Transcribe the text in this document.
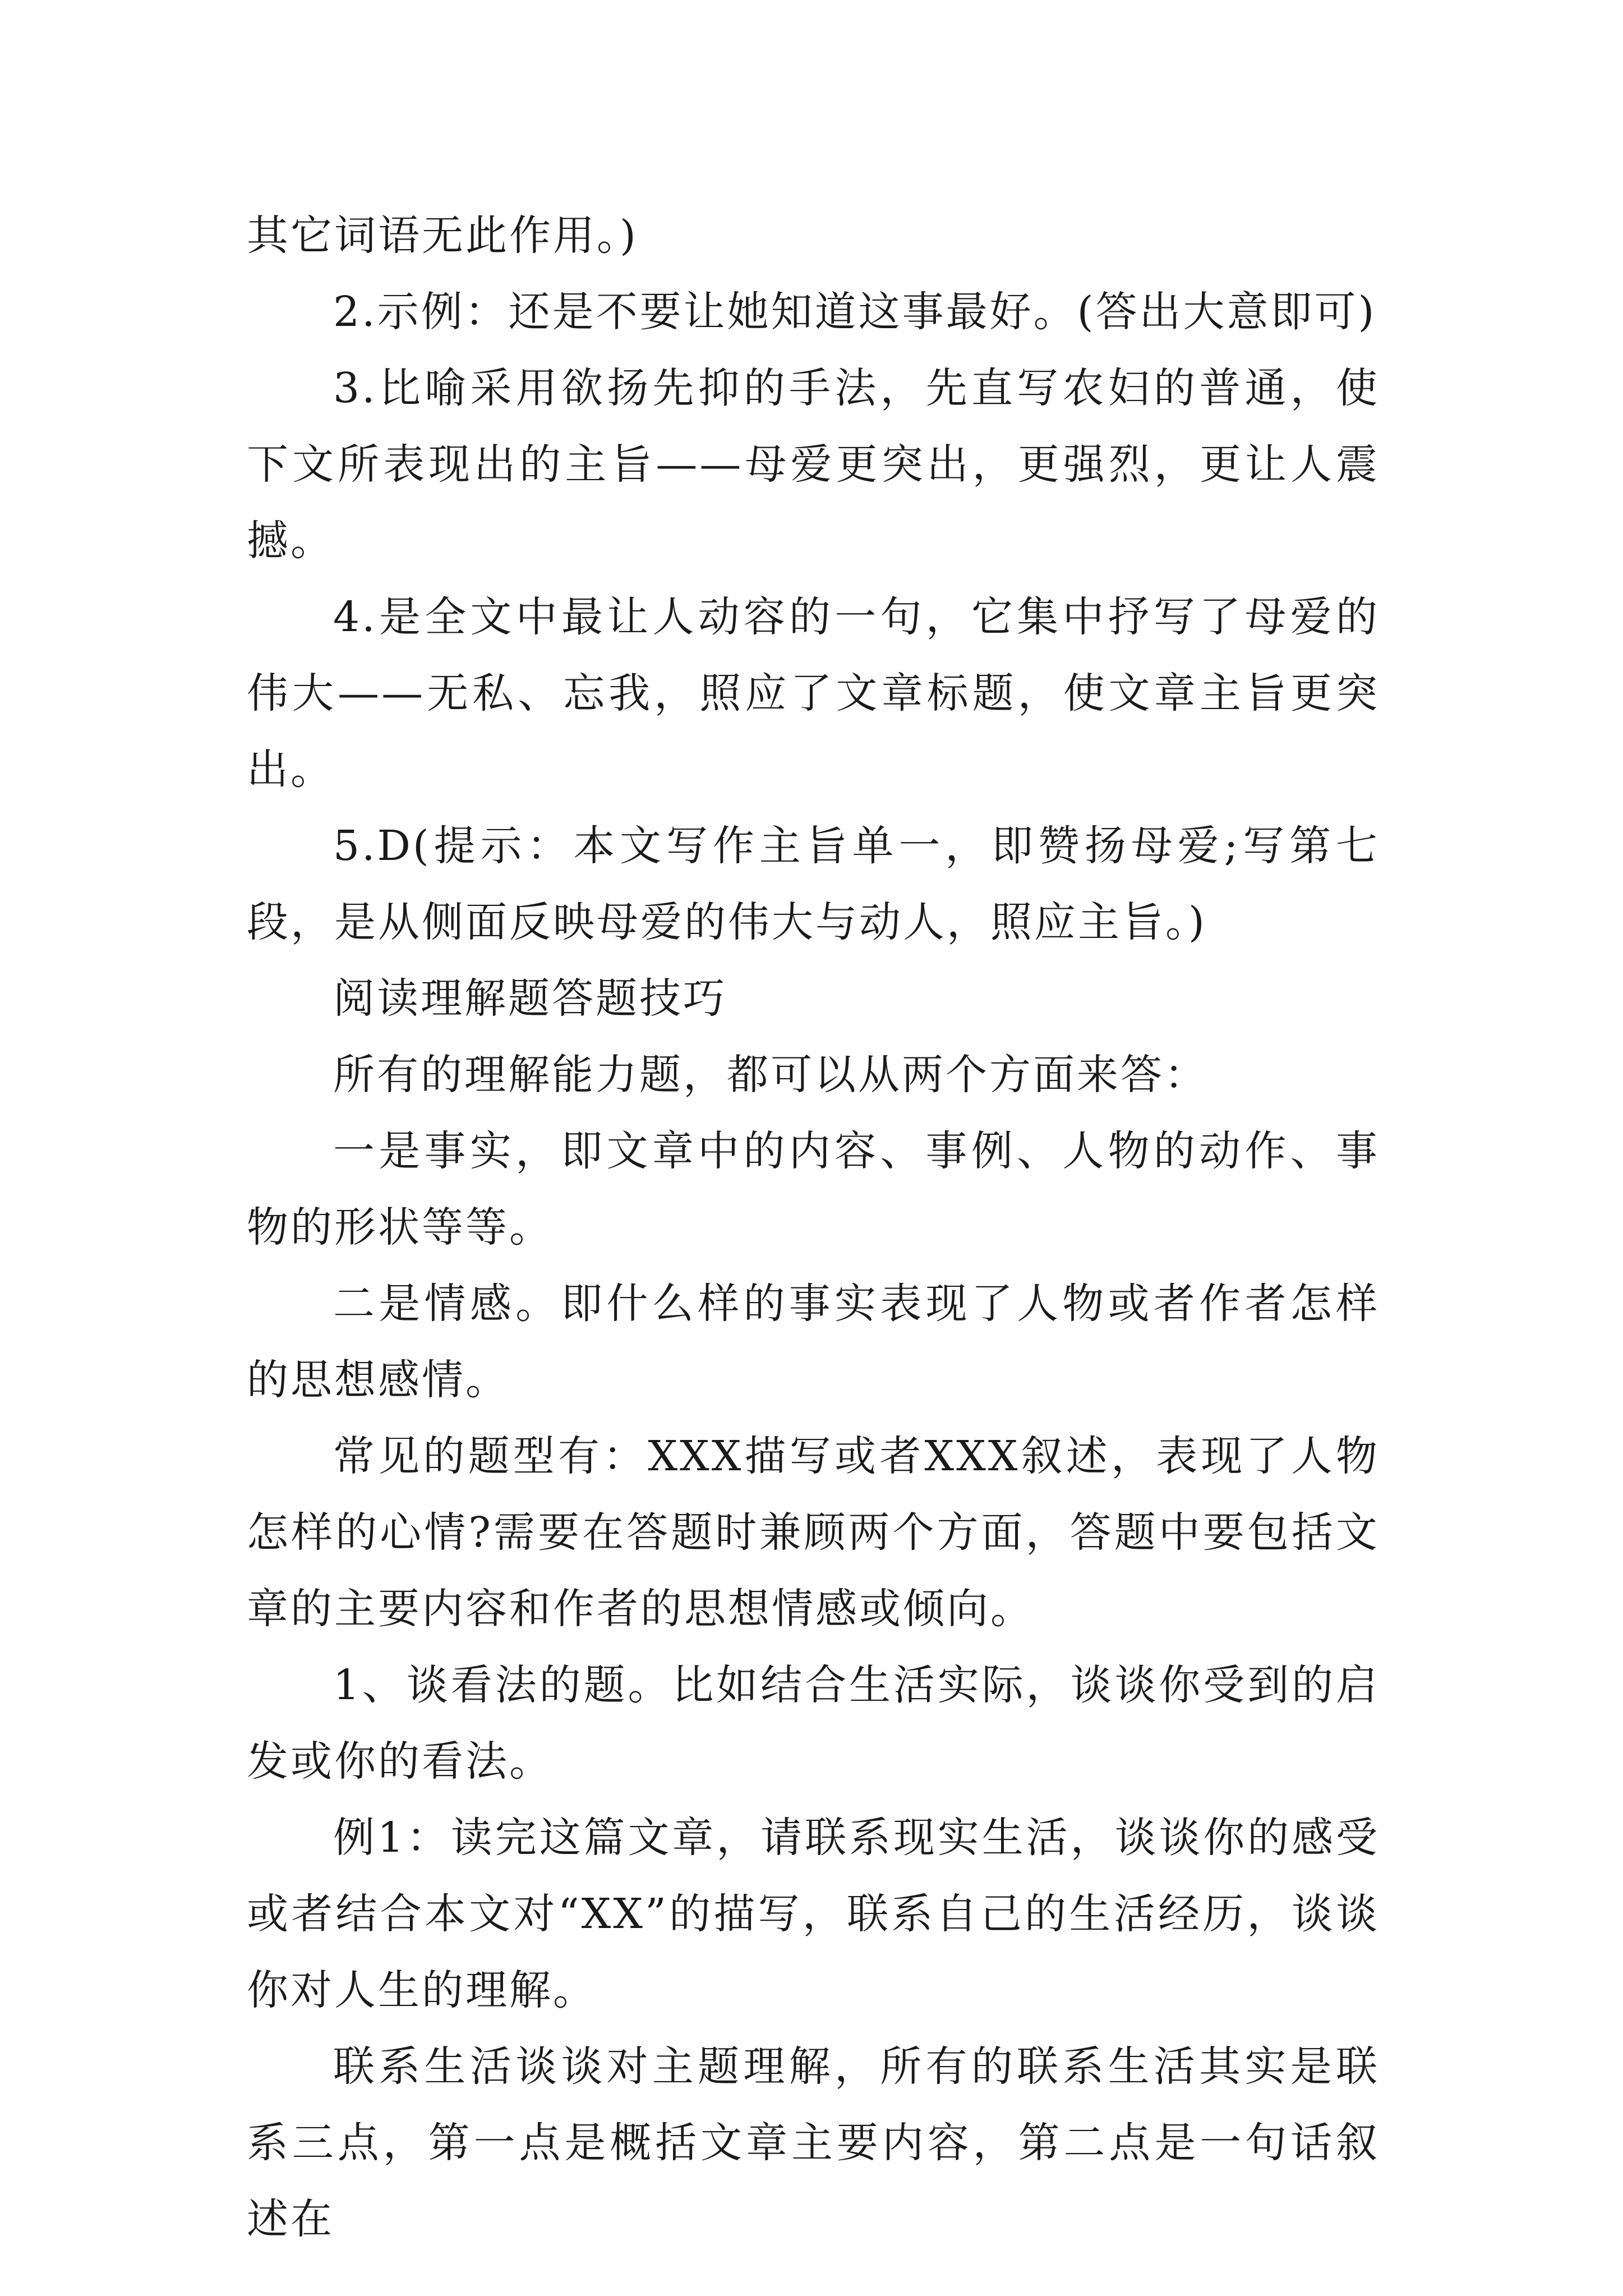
其它词语无此作用。)

2.示例：还是不要让她知道这事最好。(答出大意即可)

3.比喻采用欲扬先抑的手法，先直写农妇的普通，使下文所表现出的主旨——母爱更突出，更强烈，更让人震撼。

4.是全文中最让人动容的一句，它集中抒写了母爱的伟大——无私、忘我，照应了文章标题，使文章主旨更突出。

5.D(提示：本文写作主旨单一，即赞扬母爱;写第七段，是从侧面反映母爱的伟大与动人，照应主旨。)

阅读理解题答题技巧

所有的理解能力题，都可以从两个方面来答：

一是事实，即文章中的内容、事例、人物的动作、事物的形状等等。

二是情感。即什么样的事实表现了人物或者作者怎样的思想感情。

常见的题型有：XXX描写或者XXX叙述，表现了人物怎样的心情?需要在答题时兼顾两个方面，答题中要包括文章的主要内容和作者的思想情感或倾向。

1、谈看法的题。比如结合生活实际，谈谈你受到的启发或你的看法。

例1：读完这篇文章，请联系现实生活，谈谈你的感受或者结合本文对“XX”的描写，联系自己的生活经历，谈谈你对人生的理解。

联系生活谈谈对主题理解，所有的联系生活其实是联系三点，第一点是概括文章主要内容，第二点是一句话叙述在
